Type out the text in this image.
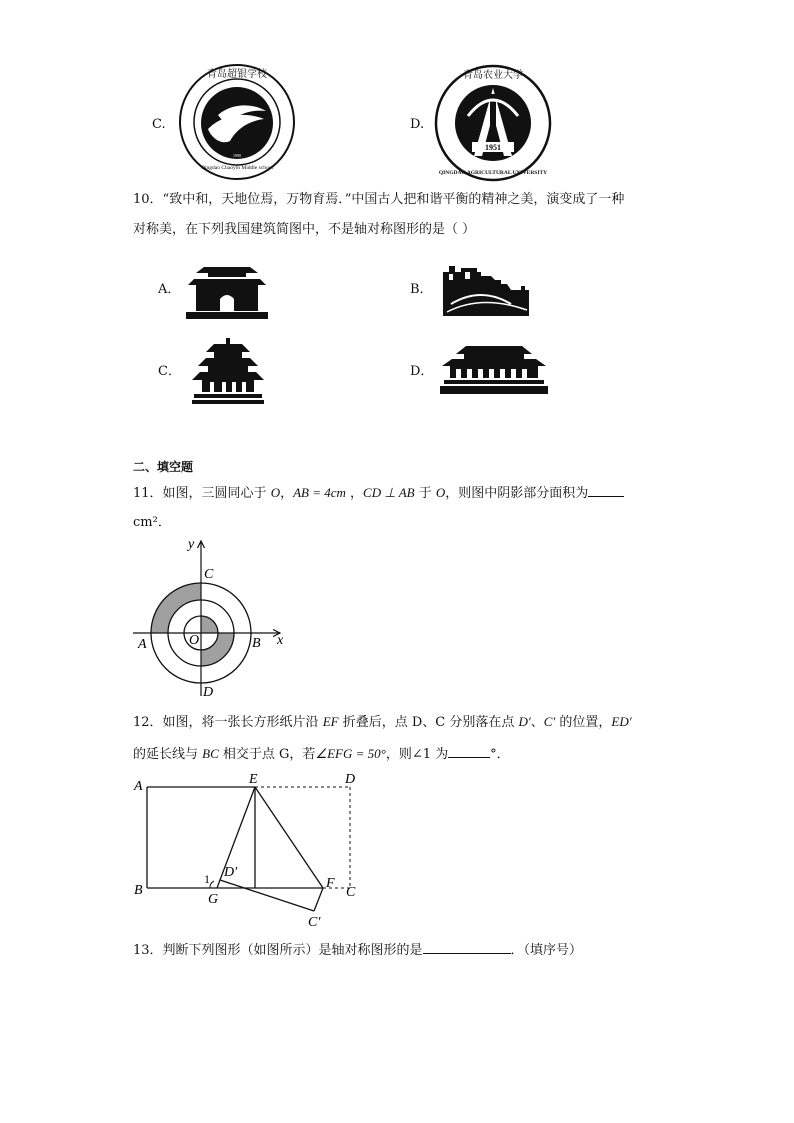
C.
青岛超银学校
Qingdao Chaoyin Middle school
1990
D.
1951
青岛农业大学
QINGDAO AGRICULTURAL UNIVERSITY
10．“致中和，天地位焉，万物育焉．”中国古人把和谐平衡的精神之美，演变成了一种
对称美，在下列我国建筑简图中，不是轴对称图形的是（ ）
A．	B．
C．	D．
二、填空题
11．如图，三圆同心于 O，AB = 4cm ，CD ⊥ AB 于 O，则图中阴影部分面积为
cm²．
y
x
C
A	B
O
D
12．如图，将一张长方形纸片沿 EF 折叠后，点 D、C 分别落在点 D′、C′ 的位置，ED′
的延长线与 BC 相交于点 G，若∠EFG = 50°，则∠1 为	°．
A	E	D
B
G
F
C
D′
C′
1
13．判断下列图形（如图所示）是轴对称图形的是	．（填序号）
